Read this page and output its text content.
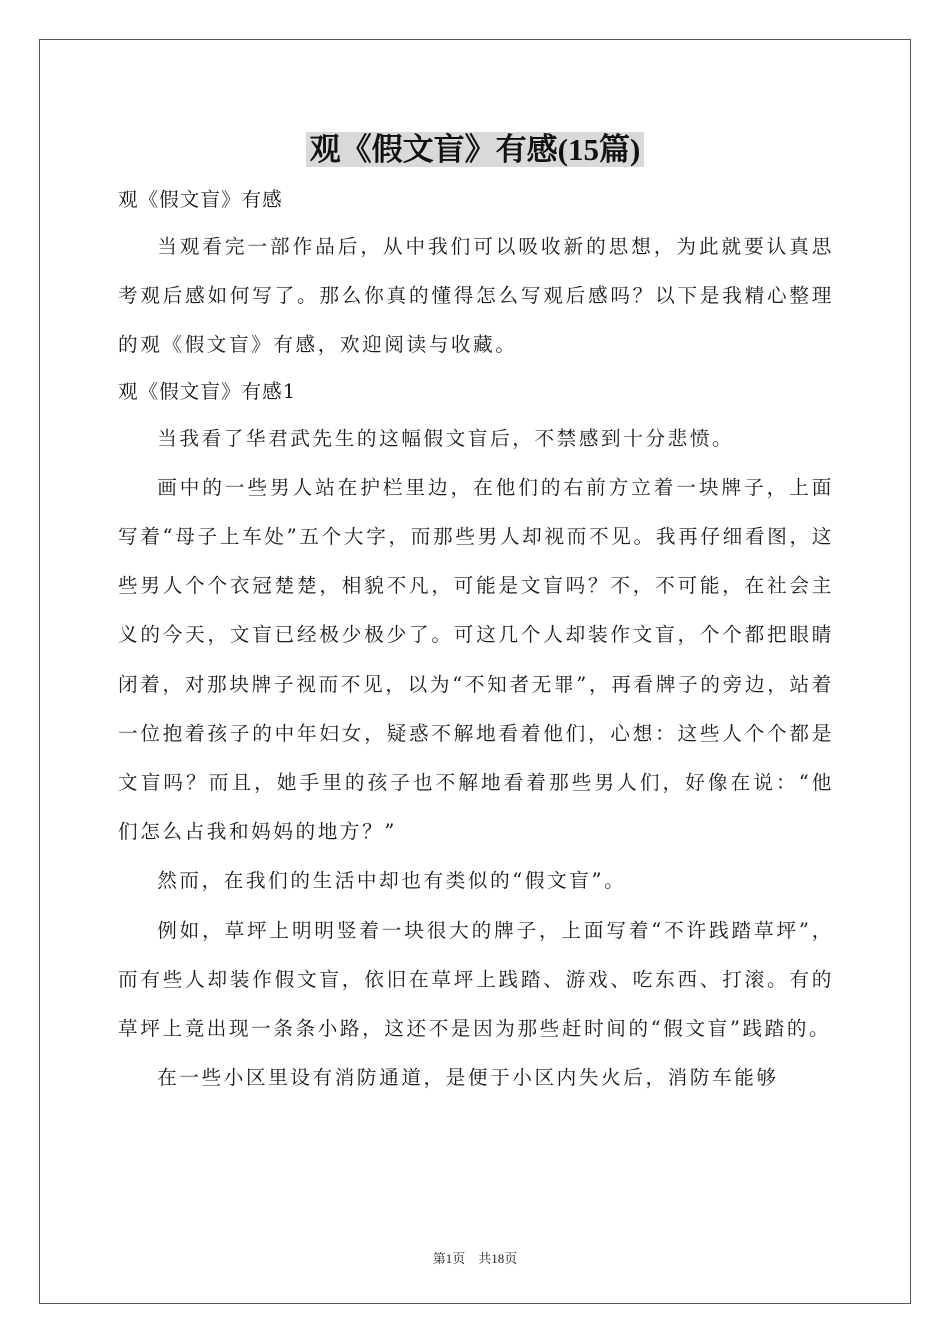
观《假文盲》有感(15篇)

观《假文盲》有感

当观看完一部作品后，从中我们可以吸收新的思想，为此就要认真思考观后感如何写了。那么你真的懂得怎么写观后感吗？以下是我精心整理的观《假文盲》有感，欢迎阅读与收藏。

观《假文盲》有感1

当我看了华君武先生的这幅假文盲后，不禁感到十分悲愤。

画中的一些男人站在护栏里边，在他们的右前方立着一块牌子，上面写着“母子上车处”五个大字，而那些男人却视而不见。我再仔细看图，这些男人个个衣冠楚楚，相貌不凡，可能是文盲吗？不，不可能，在社会主义的今天，文盲已经极少极少了。可这几个人却装作文盲，个个都把眼睛闭着，对那块牌子视而不见，以为“不知者无罪”，再看牌子的旁边，站着一位抱着孩子的中年妇女，疑惑不解地看着他们，心想：这些人个个都是文盲吗？而且，她手里的孩子也不解地看着那些男人们，好像在说：“他们怎么占我和妈妈的地方？”

然而，在我们的生活中却也有类似的“假文盲”。

例如，草坪上明明竖着一块很大的牌子，上面写着“不许践踏草坪”，而有些人却装作假文盲，依旧在草坪上践踏、游戏、吃东西、打滚。有的草坪上竟出现一条条小路，这还不是因为那些赶时间的“假文盲”践踏的。

在一些小区里设有消防通道，是便于小区内失火后，消防车能够

第1页　共18页
